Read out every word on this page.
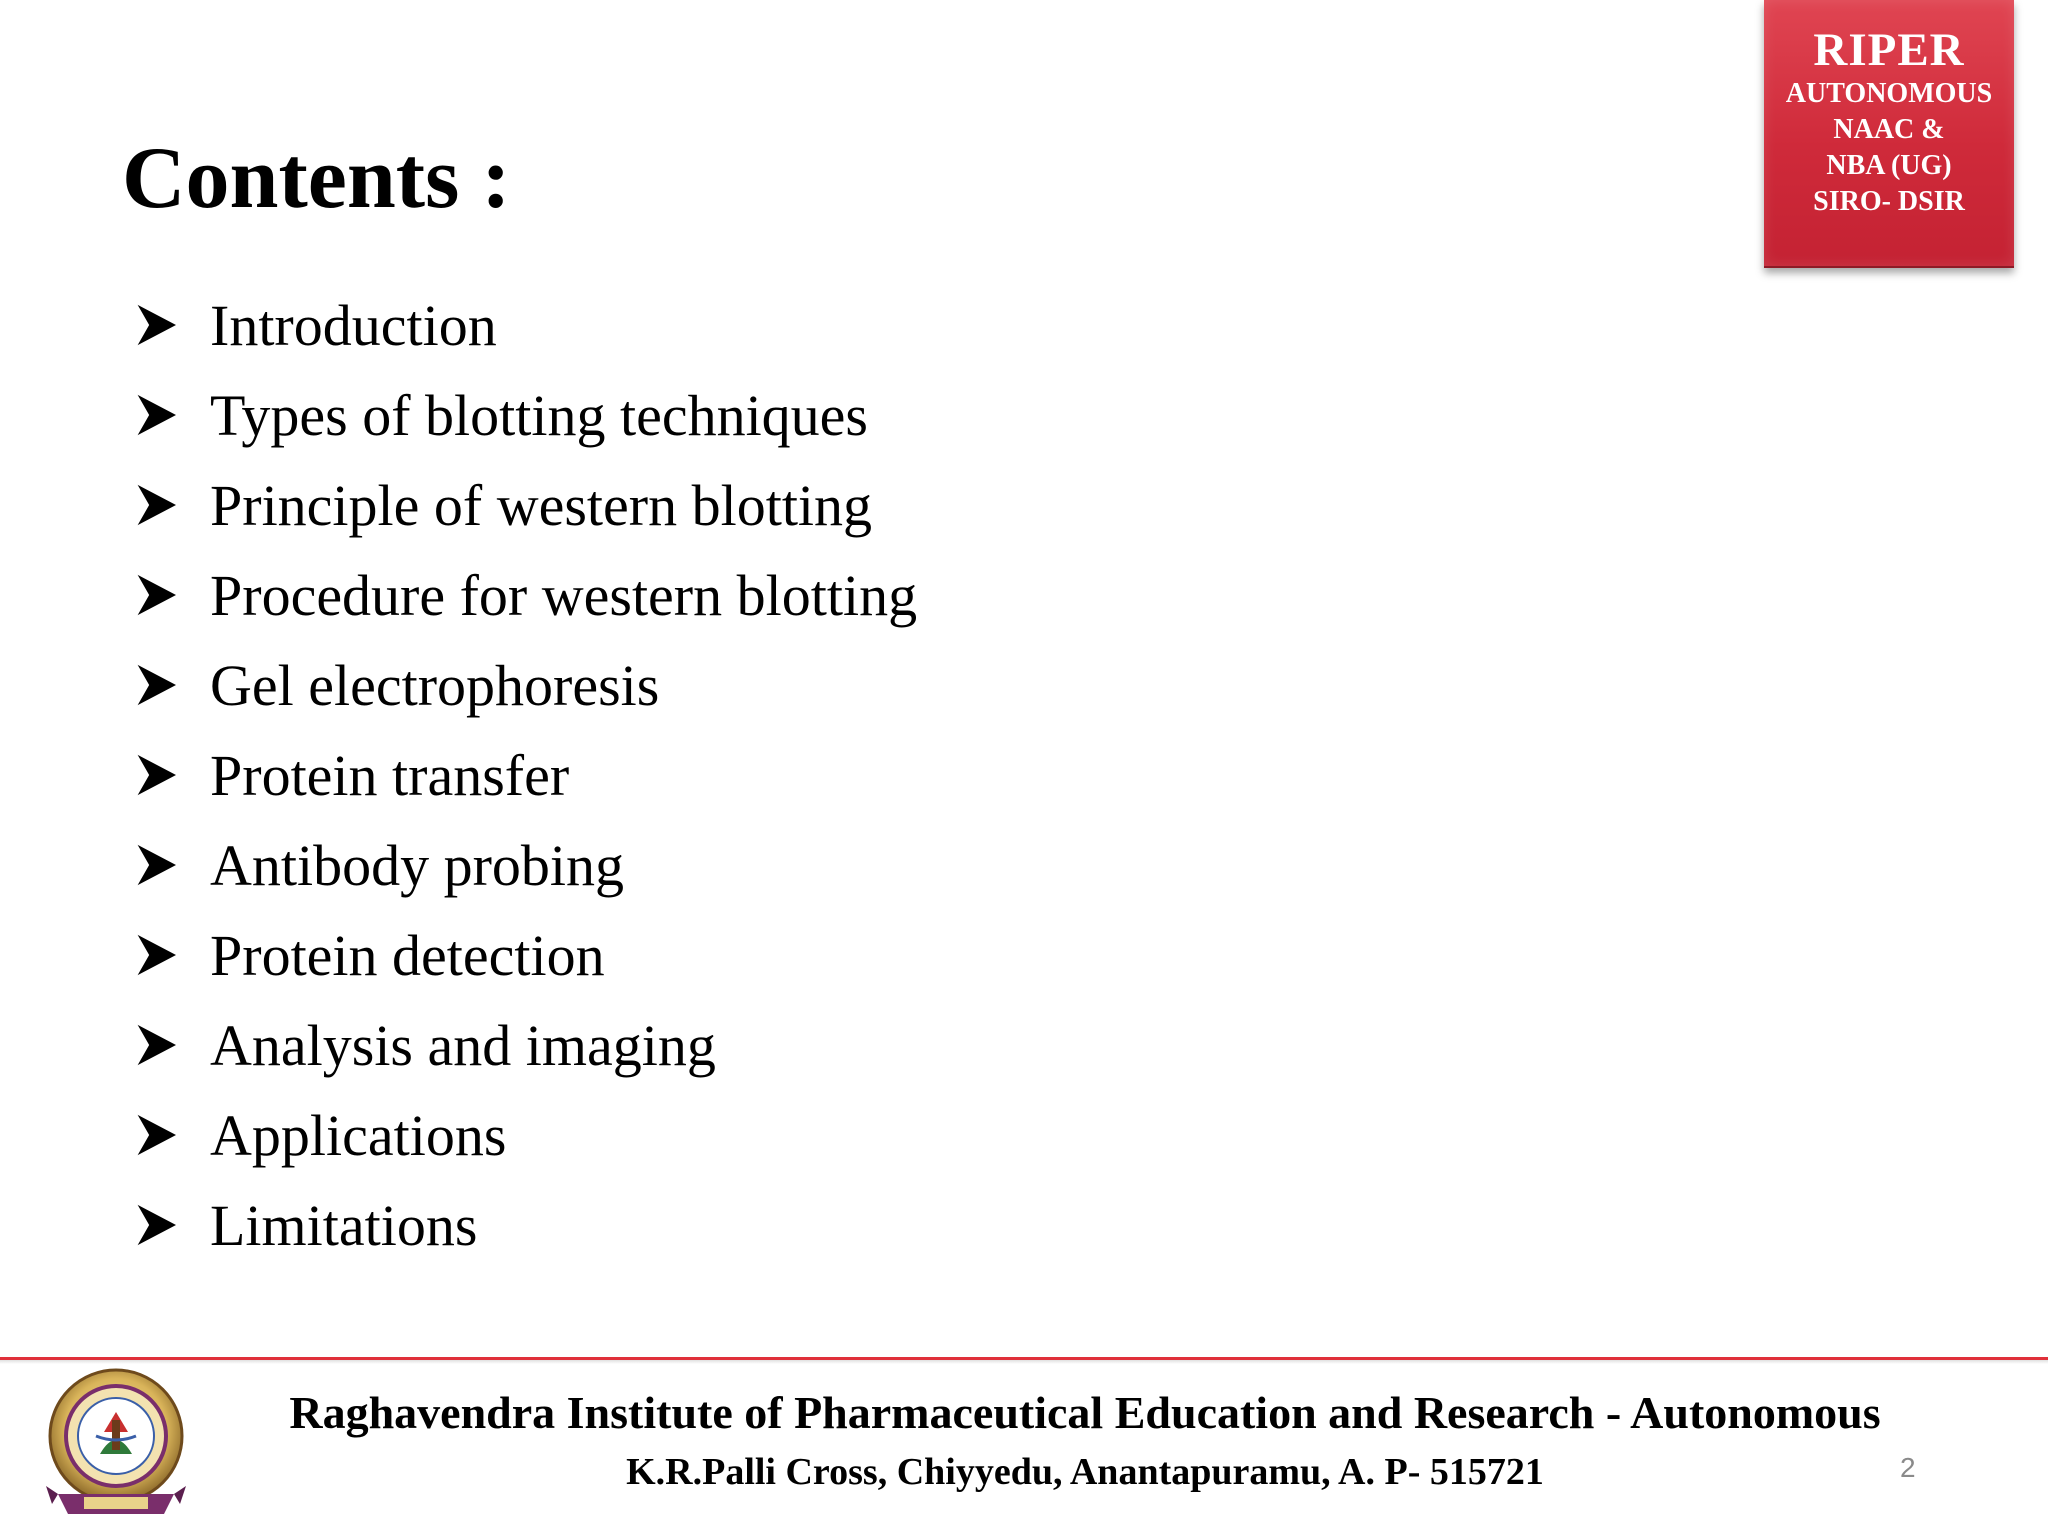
RIPER
AUTONOMOUS
NAAC &
NBA (UG)
SIRO- DSIR
Contents :
Introduction
Types of blotting techniques
Principle of western blotting
Procedure for western blotting
Gel electrophoresis
Protein transfer
Antibody probing
Protein detection
Analysis and imaging
Applications
Limitations
Raghavendra Institute of Pharmaceutical Education and Research - Autonomous
K.R.Palli Cross, Chiyyedu, Anantapuramu, A. P- 515721	2
